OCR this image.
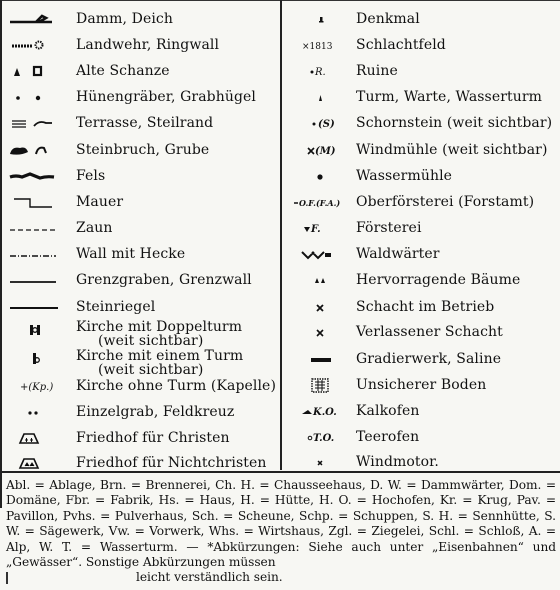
Damm, Deich
Landwehr, Ringwall
Alte Schanze
Hünengräber, Grabhügel
Terrasse, Steilrand
Steinbruch, Grube
Fels
Mauer
Zaun
Wall mit Hecke
Grenzgraben, Grenzwall
Steinriegel
Kirche mit Doppelturm
(weit sichtbar)
Kirche mit einem Turm
(weit sichtbar)
+(Kp.) Kirche ohne Turm (Kapelle)
Einzelgrab, Feldkreuz
Friedhof für Christen
Friedhof für Nichtchristen
Denkmal
×1813 Schlachtfeld
R. Ruine
Turm, Warte, Wasserturm
(S) Schornstein (weit sichtbar)
(M) Windmühle (weit sichtbar)
Wassermühle
O.F.(F.A.) Oberförsterei (Forstamt)
F.	Försterei
Waldwärter
Hervorragende Bäume
Schacht im Betrieb
Verlassener Schacht
Gradierwerk, Saline
Unsicherer Boden
K.O. Kalkofen
T.O. Teerofen
Windmotor.
Abl. = Ablage, Brn. = Brennerei, Ch. H. = Chausseehaus, D. W. = Dammwärter, Dom. = Domäne, Fbr. = Fabrik, Hs. = Haus, H. = Hütte, H. O. = Hochofen, Kr. = Krug, Pav. = Pavillon, Pvhs. = Pulverhaus, Sch. = Scheune, Schp. = Schuppen, S. H. = Sennhütte, S. W. = Sägewerk, Vw. = Vorwerk, Whs. = Wirtshaus, Zgl. = Ziegelei, Schl. = Schloß, A. = Alp, W. T. = Wasserturm. — *Abkürzungen: Siehe auch unter „Eisenbahnen“ und „Gewässer“. Sonstige Abkürzungen müssen
leicht verständlich sein.
